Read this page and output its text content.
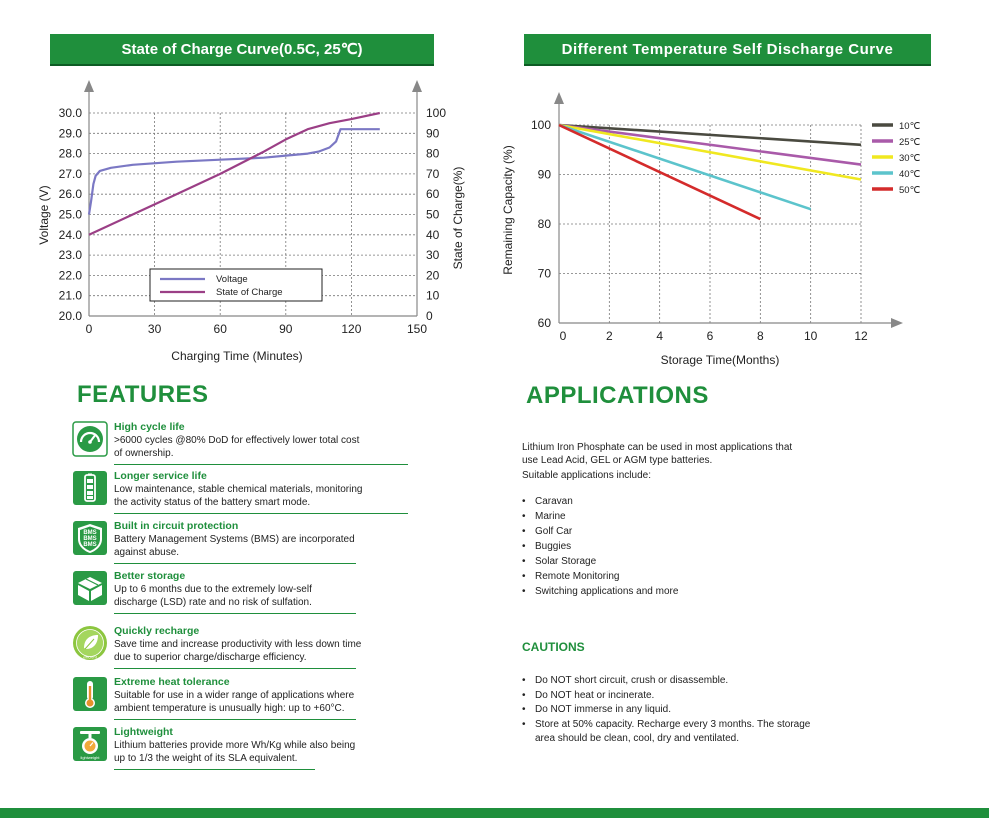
State of Charge Curve(0.5C, 25℃)	Different Temperature Self Discharge Curve
0	30	60	90	120	150
20.0
21.0
22.0
23.0
24.0
25.0
26.0
27.0
28.0
29.0
30.0
0
10
20
30
40
50
60
70
80
90
100
Voltage
State of Charge
Charging Time (Minutes)
Voltage (V)	State of Charge(%)
0	2	4	6	8	10	12
60
70
80
90
100	10℃
25℃
30℃
40℃
50℃
Storage Time(Months)
Remaining Capacity (%)
FEATURES
High cycle life
>6000 cycles @80% DoD for effectively lower total cost
of ownership.
Longer service life
Low maintenance, stable chemical materials, monitoring
the activity status of the battery smart mode.
BMS
BMS
BMS
Built in circuit protection
Battery Management Systems (BMS) are incorporated
against abuse.
Better storage
Up to 6 months due to the extremely low-self
discharge (LSD) rate and no risk of sulfation.
efficient
Quickly recharge
Save time and increase productivity with less down time
due to superior charge/discharge efficiency.
Extreme heat tolerance
Suitable for use in a wider range of applications where
ambient temperature is unusually high: up to +60°C.
lightweight
Lightweight
Lithium batteries provide more Wh/Kg while also being
up to 1/3 the weight of its SLA equivalent.
APPLICATIONS
Lithium Iron Phosphate can be used in most applications that
use Lead Acid, GEL or AGM type batteries.
Suitable applications include:
• Caravan
• Marine
• Golf Car
• Buggies
• Solar Storage
• Remote Monitoring
• Switching applications and more
CAUTIONS
• Do NOT short circuit, crush or disassemble.
• Do NOT heat or incinerate.
• Do NOT immerse in any liquid.
• Store at 50% capacity. Recharge every 3 months. The storage area should be clean, cool, dry and ventilated.
